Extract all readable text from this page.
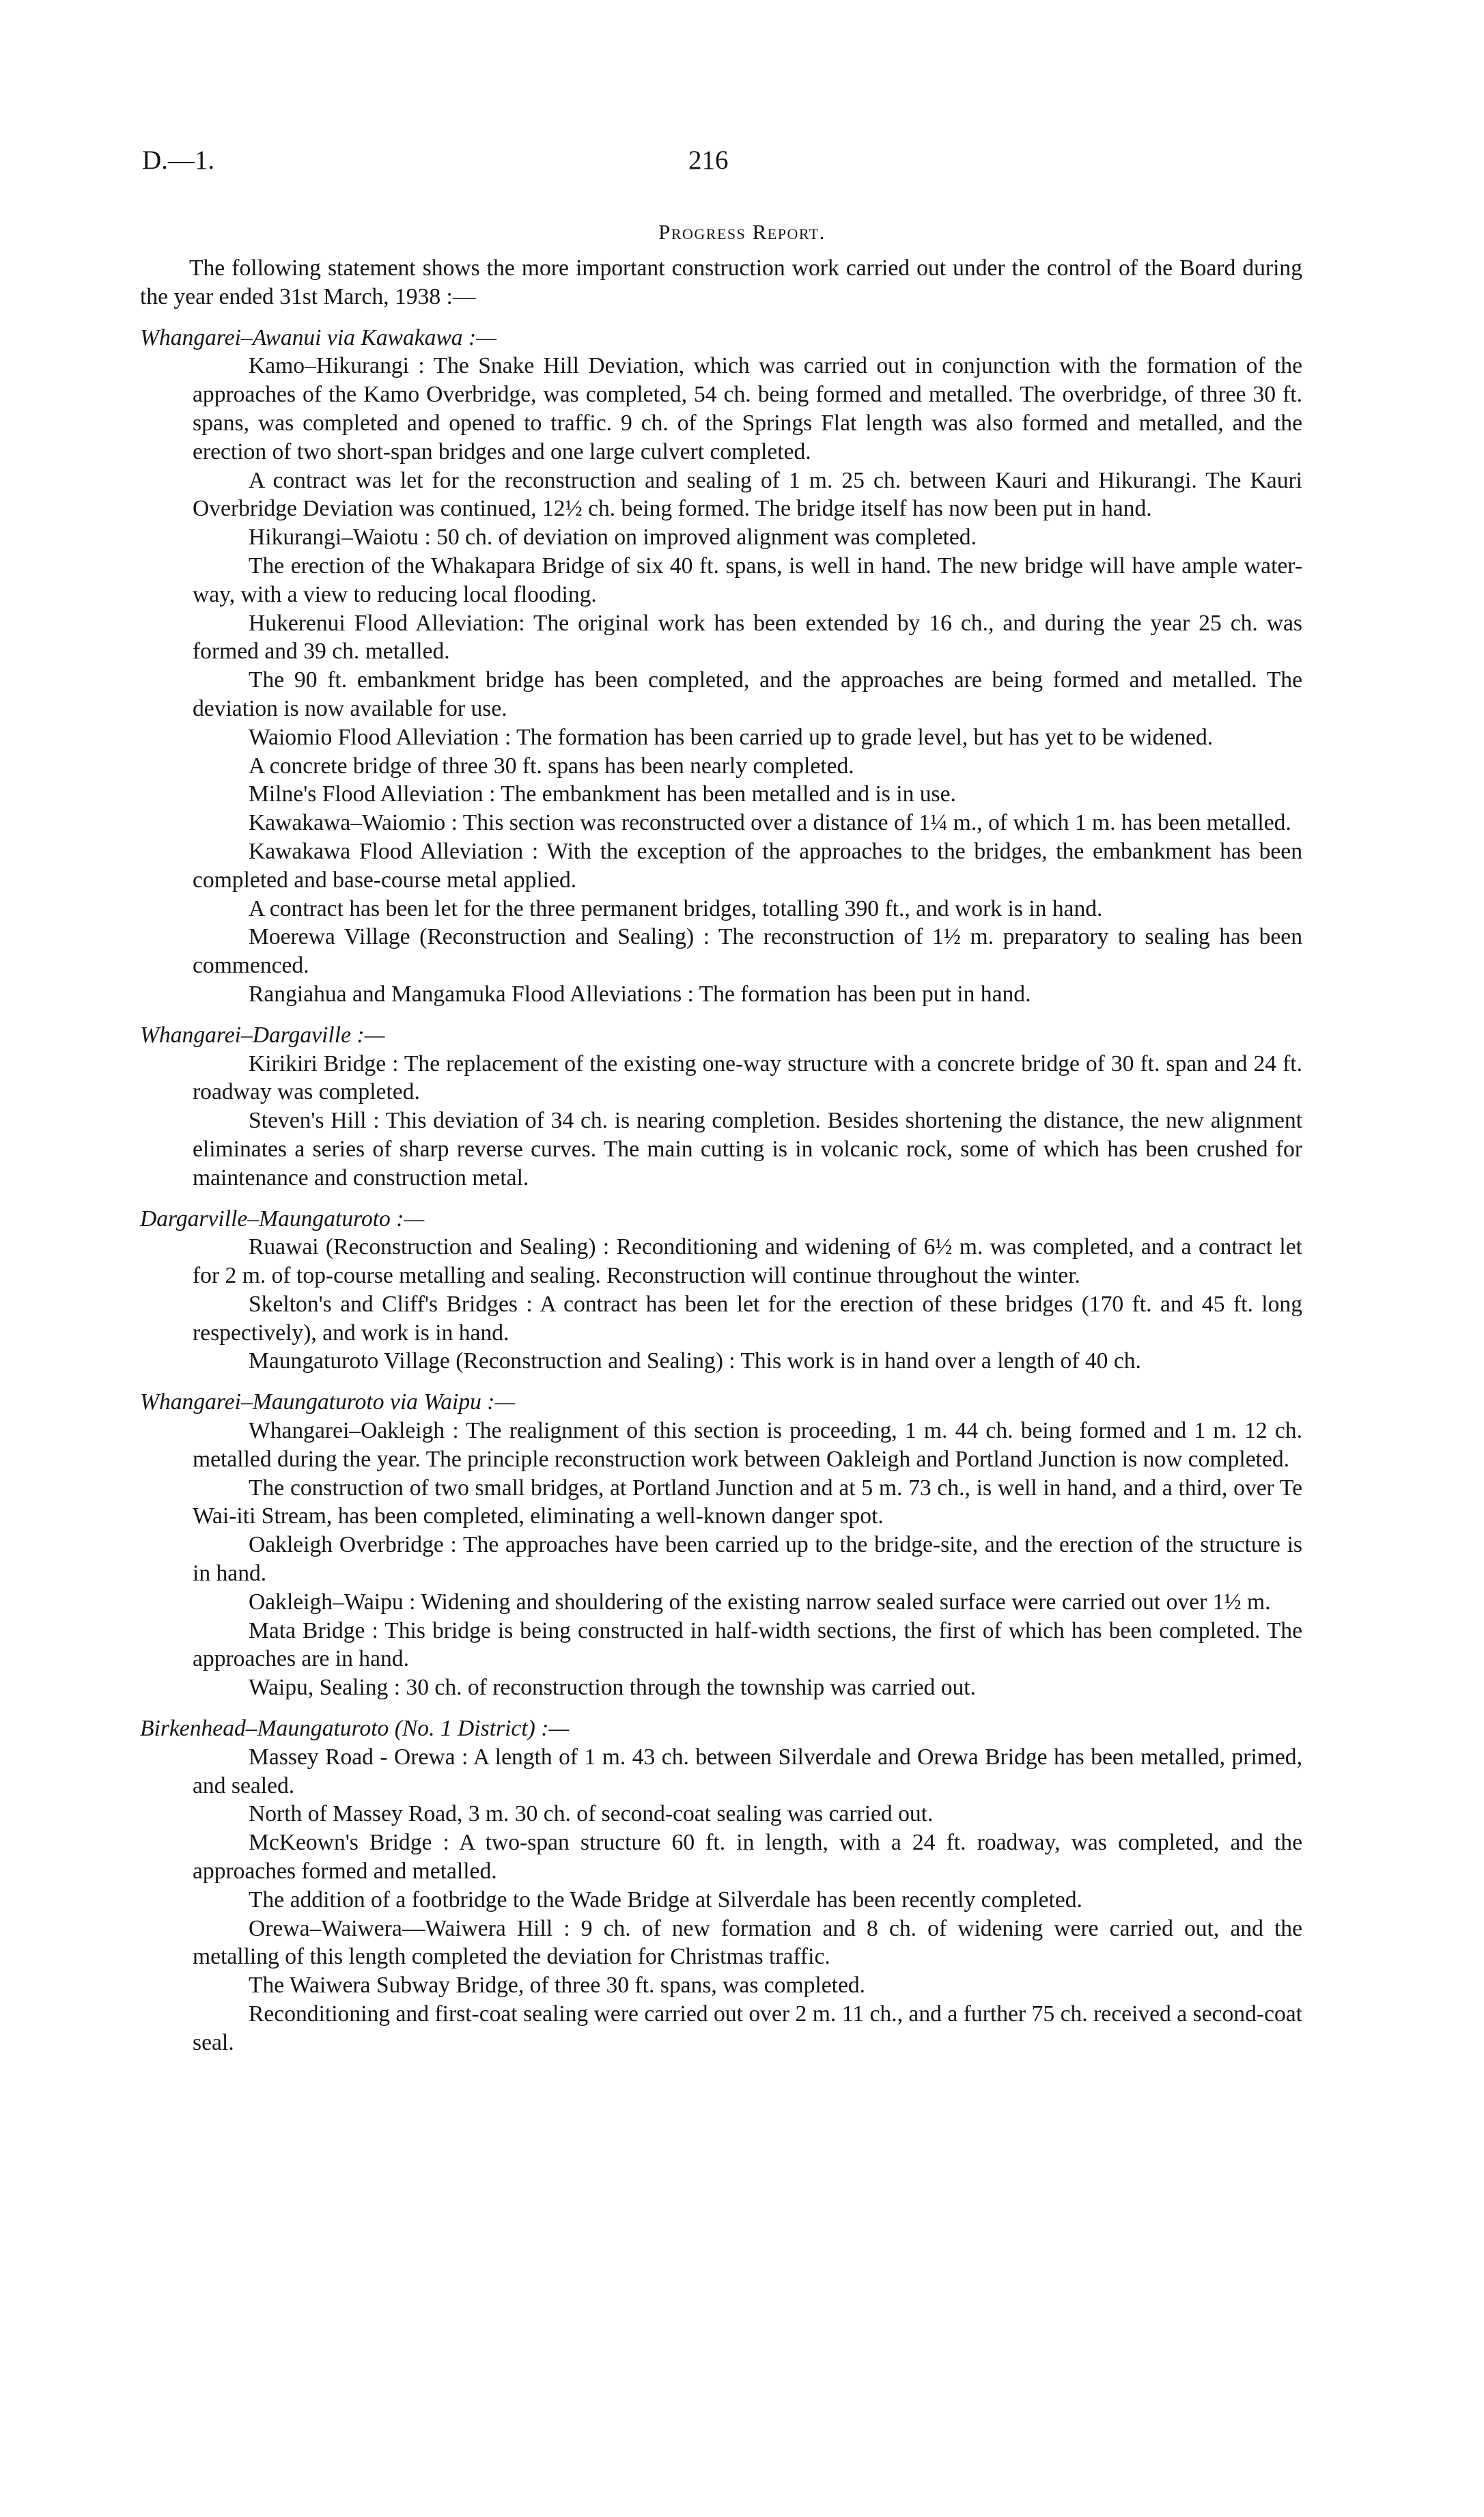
D.—1.	216
Progress Report.

The following statement shows the more important construction work carried out under the control of the Board during the year ended 31st March, 1938 :—

Whangarei–Awanui via Kawakawa :—

Kamo–Hikurangi : The Snake Hill Deviation, which was carried out in conjunction with the formation of the approaches of the Kamo Overbridge, was completed, 54 ch. being formed and metalled. The overbridge, of three 30 ft. spans, was completed and opened to traffic. 9 ch. of the Springs Flat length was also formed and metalled, and the erection of two short-span bridges and one large culvert completed.

A contract was let for the reconstruction and sealing of 1 m. 25 ch. between Kauri and Hikurangi. The Kauri Overbridge Deviation was continued, 12½ ch. being formed. The bridge itself has now been put in hand.

Hikurangi–Waiotu : 50 ch. of deviation on improved alignment was completed.

The erection of the Whakapara Bridge of six 40 ft. spans, is well in hand. The new bridge will have ample water-way, with a view to reducing local flooding.

Hukerenui Flood Alleviation: The original work has been extended by 16 ch., and during the year 25 ch. was formed and 39 ch. metalled.

The 90 ft. embankment bridge has been completed, and the approaches are being formed and metalled. The deviation is now available for use.

Waiomio Flood Alleviation : The formation has been carried up to grade level, but has yet to be widened.

A concrete bridge of three 30 ft. spans has been nearly completed.

Milne's Flood Alleviation : The embankment has been metalled and is in use.

Kawakawa–Waiomio : This section was reconstructed over a distance of 1¼ m., of which 1 m. has been metalled.

Kawakawa Flood Alleviation : With the exception of the approaches to the bridges, the embankment has been completed and base-course metal applied.

A contract has been let for the three permanent bridges, totalling 390 ft., and work is in hand.

Moerewa Village (Reconstruction and Sealing) : The reconstruction of 1½ m. preparatory to sealing has been commenced.

Rangiahua and Mangamuka Flood Alleviations : The formation has been put in hand.

Whangarei–Dargaville :—

Kirikiri Bridge : The replacement of the existing one-way structure with a concrete bridge of 30 ft. span and 24 ft. roadway was completed.

Steven's Hill : This deviation of 34 ch. is nearing completion. Besides shortening the distance, the new alignment eliminates a series of sharp reverse curves. The main cutting is in volcanic rock, some of which has been crushed for maintenance and construction metal.

Dargarville–Maungaturoto :—

Ruawai (Reconstruction and Sealing) : Reconditioning and widening of 6½ m. was completed, and a contract let for 2 m. of top-course metalling and sealing. Reconstruction will continue throughout the winter.

Skelton's and Cliff's Bridges : A contract has been let for the erection of these bridges (170 ft. and 45 ft. long respectively), and work is in hand.

Maungaturoto Village (Reconstruction and Sealing) : This work is in hand over a length of 40 ch.

Whangarei–Maungaturoto via Waipu :—

Whangarei–Oakleigh : The realignment of this section is proceeding, 1 m. 44 ch. being formed and 1 m. 12 ch. metalled during the year. The principle reconstruction work between Oakleigh and Portland Junction is now completed.

The construction of two small bridges, at Portland Junction and at 5 m. 73 ch., is well in hand, and a third, over Te Wai-iti Stream, has been completed, eliminating a well-known danger spot.

Oakleigh Overbridge : The approaches have been carried up to the bridge-site, and the erection of the structure is in hand.

Oakleigh–Waipu : Widening and shouldering of the existing narrow sealed surface were carried out over 1½ m.

Mata Bridge : This bridge is being constructed in half-width sections, the first of which has been completed. The approaches are in hand.

Waipu, Sealing : 30 ch. of reconstruction through the township was carried out.

Birkenhead–Maungaturoto (No. 1 District) :—

Massey Road - Orewa : A length of 1 m. 43 ch. between Silverdale and Orewa Bridge has been metalled, primed, and sealed.

North of Massey Road, 3 m. 30 ch. of second-coat sealing was carried out.

McKeown's Bridge : A two-span structure 60 ft. in length, with a 24 ft. roadway, was completed, and the approaches formed and metalled.

The addition of a footbridge to the Wade Bridge at Silverdale has been recently completed.

Orewa–Waiwera—Waiwera Hill : 9 ch. of new formation and 8 ch. of widening were carried out, and the metalling of this length completed the deviation for Christmas traffic.

The Waiwera Subway Bridge, of three 30 ft. spans, was completed.

Reconditioning and first-coat sealing were carried out over 2 m. 11 ch., and a further 75 ch. received a second-coat seal.
